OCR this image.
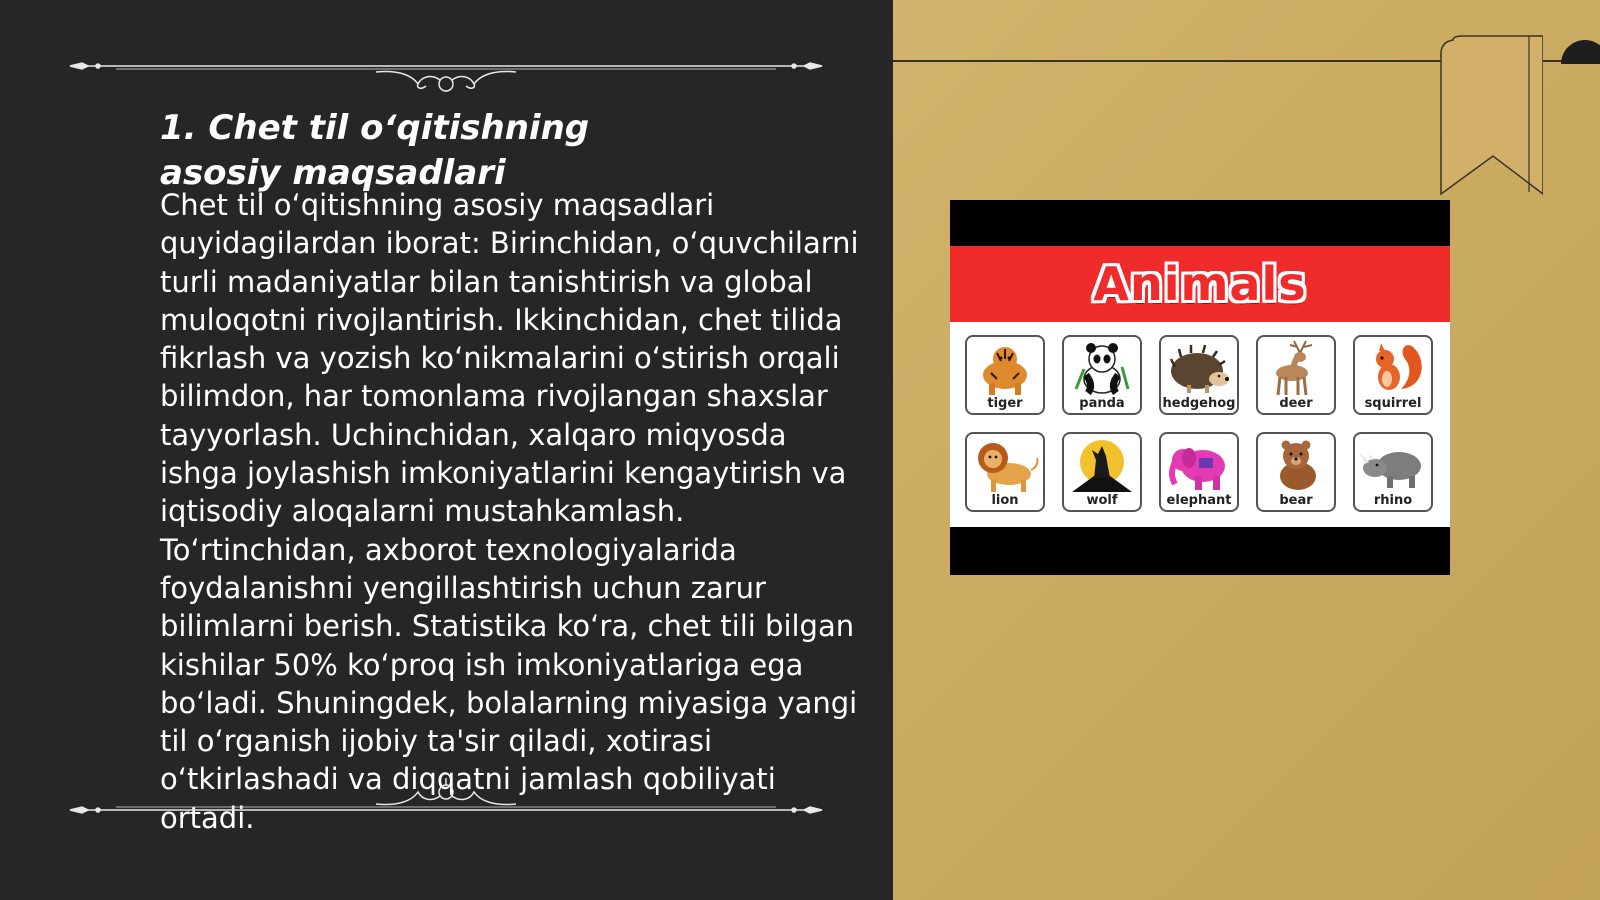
1. Chet til o‘qitishning asosiy maqsadlari

Chet til o‘qitishning asosiy maqsadlari quyidagilardan iborat: Birinchidan, o‘quvchilarni turli madaniyatlar bilan tanishtirish va global muloqotni rivojlantirish. Ikkinchidan, chet tilida fikrlash va yozish ko‘nikmalarini o‘stirish orqali bilimdon, har tomonlama rivojlangan shaxslar tayyorlash. Uchinchidan, xalqaro miqyosda ishga joylashish imkoniyatlarini kengaytirish va iqtisodiy aloqalarni mustahkamlash. To‘rtinchidan, axborot texnologiyalarida foydalanishni yengillashtirish uchun zarur bilimlarni berish. Statistika ko‘ra, chet tili bilgan kishilar 50% ko‘proq ish imkoniyatlariga ega bo‘ladi. Shuningdek, bolalarning miyasiga yangi til o‘rganish ijobiy ta'sir qiladi, xotirasi o‘tkirlashadi va diqqatni jamlash qobiliyati ortadi.

Animals
tiger	panda	hedgehog	deer	squirrel
lion	wolf	elephant	bear	rhino
